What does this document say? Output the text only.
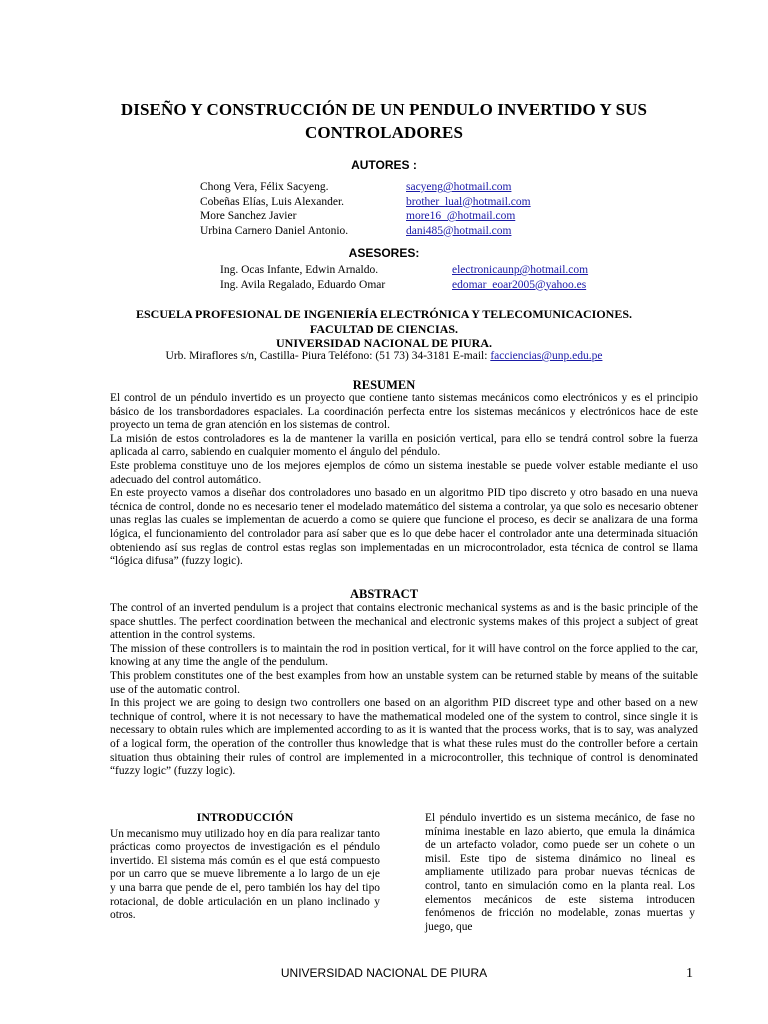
DISEÑO Y CONSTRUCCIÓN DE UN PENDULO INVERTIDO Y SUS CONTROLADORES
AUTORES :
Chong Vera, Félix Sacyeng.	sacyeng@hotmail.com
Cobeñas Elías, Luis Alexander.	brother_lual@hotmail.com
More Sanchez Javier	more16_@hotmail.com
Urbina Carnero Daniel Antonio.	dani485@hotmail.com
ASESORES:
Ing. Ocas Infante, Edwin Arnaldo.	electronicaunp@hotmail.com
Ing. Avila Regalado, Eduardo Omar	edomar_eoar2005@yahoo.es
ESCUELA PROFESIONAL DE INGENIERÍA ELECTRÓNICA Y TELECOMUNICACIONES.
FACULTAD DE CIENCIAS.
UNIVERSIDAD NACIONAL DE PIURA.
Urb. Miraflores s/n, Castilla- Piura Teléfono: (51 73) 34-3181 E-mail: facciencias@unp.edu.pe
RESUMEN

El control de un péndulo invertido es un proyecto que contiene tanto sistemas mecánicos como electrónicos y es el principio básico de los transbordadores espaciales. La coordinación perfecta entre los sistemas mecánicos y electrónicos hace de este proyecto un tema de gran atención en los sistemas de control.

La misión de estos controladores es la de mantener la varilla en posición vertical, para ello se tendrá control sobre la fuerza aplicada al carro, sabiendo en cualquier momento el ángulo del péndulo.

Este problema constituye uno de los mejores ejemplos de cómo un sistema inestable se puede volver estable mediante el uso adecuado del control automático.

En este proyecto vamos a diseñar dos controladores uno basado en un algoritmo PID tipo discreto y otro basado en una nueva técnica de control, donde no es necesario tener el modelado matemático del sistema a controlar, ya que solo es necesario obtener unas reglas las cuales se implementan de acuerdo a como se quiere que funcione el proceso, es decir se analizara de una forma lógica, el funcionamiento del controlador para así saber que es lo que debe hacer el controlador ante una determinada situación obteniendo así sus reglas de control estas reglas son implementadas en un microcontrolador, esta técnica de control se llama “lógica difusa” (fuzzy logic).

ABSTRACT

The control of an inverted pendulum is a project that contains electronic mechanical systems as and is the basic principle of the space shuttles. The perfect coordination between the mechanical and electronic systems makes of this project a subject of great attention in the control systems.

The mission of these controllers is to maintain the rod in position vertical, for it will have control on the force applied to the car, knowing at any time the angle of the pendulum.

This problem constitutes one of the best examples from how an unstable system can be returned stable by means of the suitable use of the automatic control.

In this project we are going to design two controllers one based on an algorithm PID discreet type and other based on a new technique of control, where it is not necessary to have the mathematical modeled one of the system to control, since single it is necessary to obtain rules which are implemented according to as it is wanted that the process works, that is to say, was analyzed of a logical form, the operation of the controller thus knowledge that is what these rules must do the controller before a certain situation thus obtaining their rules of control are implemented in a microcontroller, this technique of control is denominated “fuzzy logic” (fuzzy logic).

INTRODUCCIÓN

Un mecanismo muy utilizado hoy en día para realizar tanto prácticas como proyectos de investigación es el péndulo invertido. El sistema más común es el que está compuesto por un carro que se mueve libremente a lo largo de un eje y una barra que pende de el, pero también los hay del tipo rotacional, de doble articulación en un plano inclinado y otros.

El péndulo invertido es un sistema mecánico, de fase no mínima inestable en lazo abierto, que emula la dinámica de un artefacto volador, como puede ser un cohete o un misil. Este tipo de sistema dinámico no lineal es ampliamente utilizado para probar nuevas técnicas de control, tanto en simulación como en la planta real. Los elementos mecánicos de este sistema introducen fenómenos de fricción no modelable, zonas muertas y juego, que

UNIVERSIDAD NACIONAL DE PIURA	1
